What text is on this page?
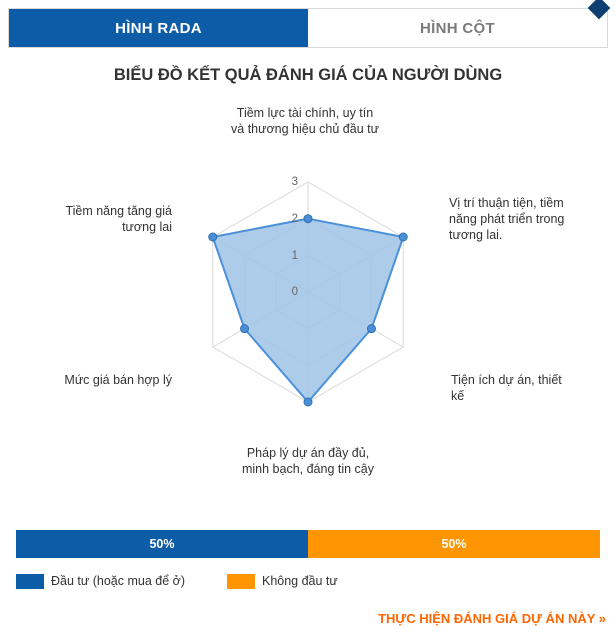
HÌNH RADA	HÌNH CỘT
BIỂU ĐỒ KẾT QUẢ ĐÁNH GIÁ CỦA NGƯỜI DÙNG
3
2
1
0
Tiềm lực tài chính, uy tín và thương hiệu chủ đầu tư
Vị trí thuận tiện, tiềm năng phát triển trong tương lai.
Tiện ích dự án, thiết kế
Pháp lý dự án đầy đủ, minh bạch, đáng tin cậy
Mức giá bán hợp lý
Tiềm năng tăng giá tương lai
50%	50%
Đầu tư (hoặc mua để ở)	Không đầu tư
THỰC HIỆN ĐÁNH GIÁ DỰ ÁN NÀY »
